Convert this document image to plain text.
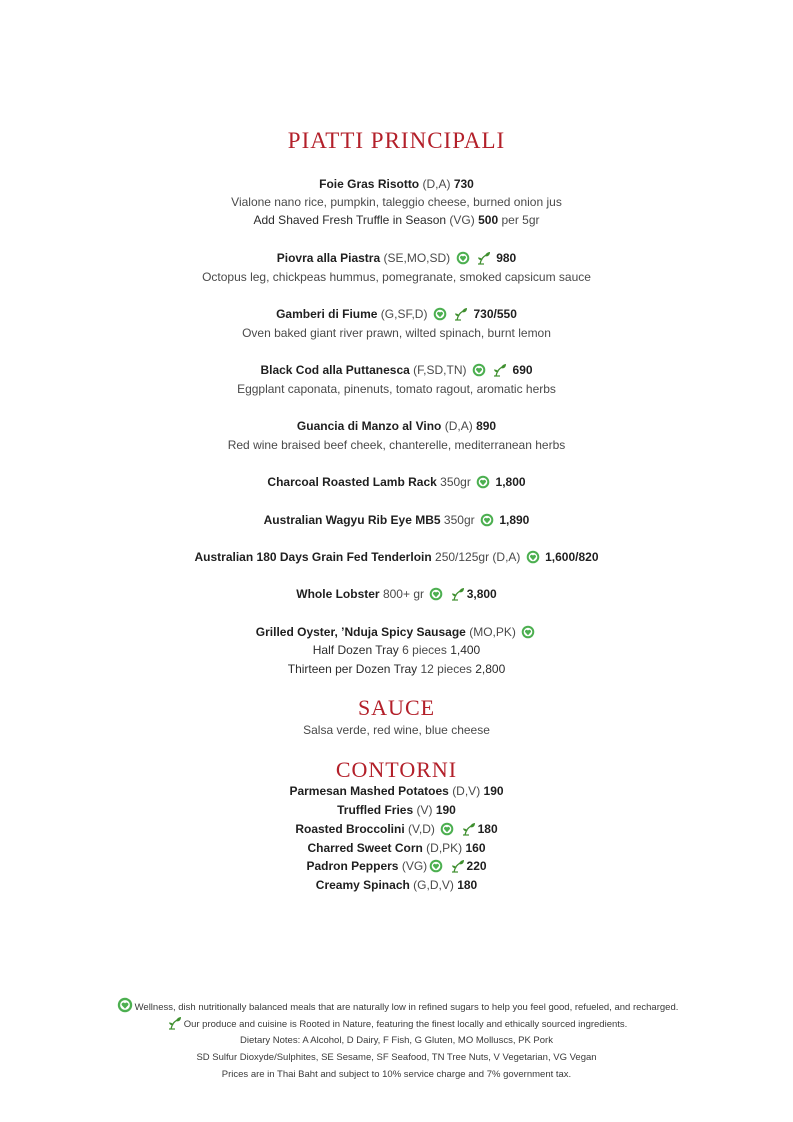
PIATTI PRINCIPALI
Foie Gras Risotto (D,A) 730
Vialone nano rice, pumpkin, taleggio cheese, burned onion jus
Add Shaved Fresh Truffle in Season (VG) 500 per 5gr
Piovra alla Piastra (SE,MO,SD)	980
Octopus leg, chickpeas hummus, pomegranate, smoked capsicum sauce
Gamberi di Fiume (G,SF,D)	730/550
Oven baked giant river prawn, wilted spinach, burnt lemon
Black Cod alla Puttanesca (F,SD,TN)	690
Eggplant caponata, pinenuts, tomato ragout, aromatic herbs
Guancia di Manzo al Vino (D,A) 890
Red wine braised beef cheek, chanterelle, mediterranean herbs
Charcoal Roasted Lamb Rack 350gr 1,800
Australian Wagyu Rib Eye MB5 350gr 1,890
Australian 180 Days Grain Fed Tenderloin 250/125gr (D,A) 1,600/820
Whole Lobster 800+ gr	3,800
Grilled Oyster, ’Nduja Spicy Sausage (MO,PK)
Half Dozen Tray 6 pieces 1,400
Thirteen per Dozen Tray 12 pieces 2,800
SAUCE
Salsa verde, red wine, blue cheese
CONTORNI
Parmesan Mashed Potatoes (D,V) 190
Truffled Fries (V) 190
Roasted Broccolini (V,D)	180
Charred Sweet Corn (D,PK) 160
Padron Peppers (VG)	220
Creamy Spinach (G,D,V) 180
Wellness, dish nutritionally balanced meals that are naturally low in refined sugars to help you feel good, refueled, and recharged.
Our produce and cuisine is Rooted in Nature, featuring the finest locally and ethically sourced ingredients.
Dietary Notes: A Alcohol, D Dairy, F Fish, G Gluten, MO Molluscs, PK Pork
SD Sulfur Dioxyde/Sulphites, SE Sesame, SF Seafood, TN Tree Nuts, V Vegetarian, VG Vegan
Prices are in Thai Baht and subject to 10% service charge and 7% government tax.
